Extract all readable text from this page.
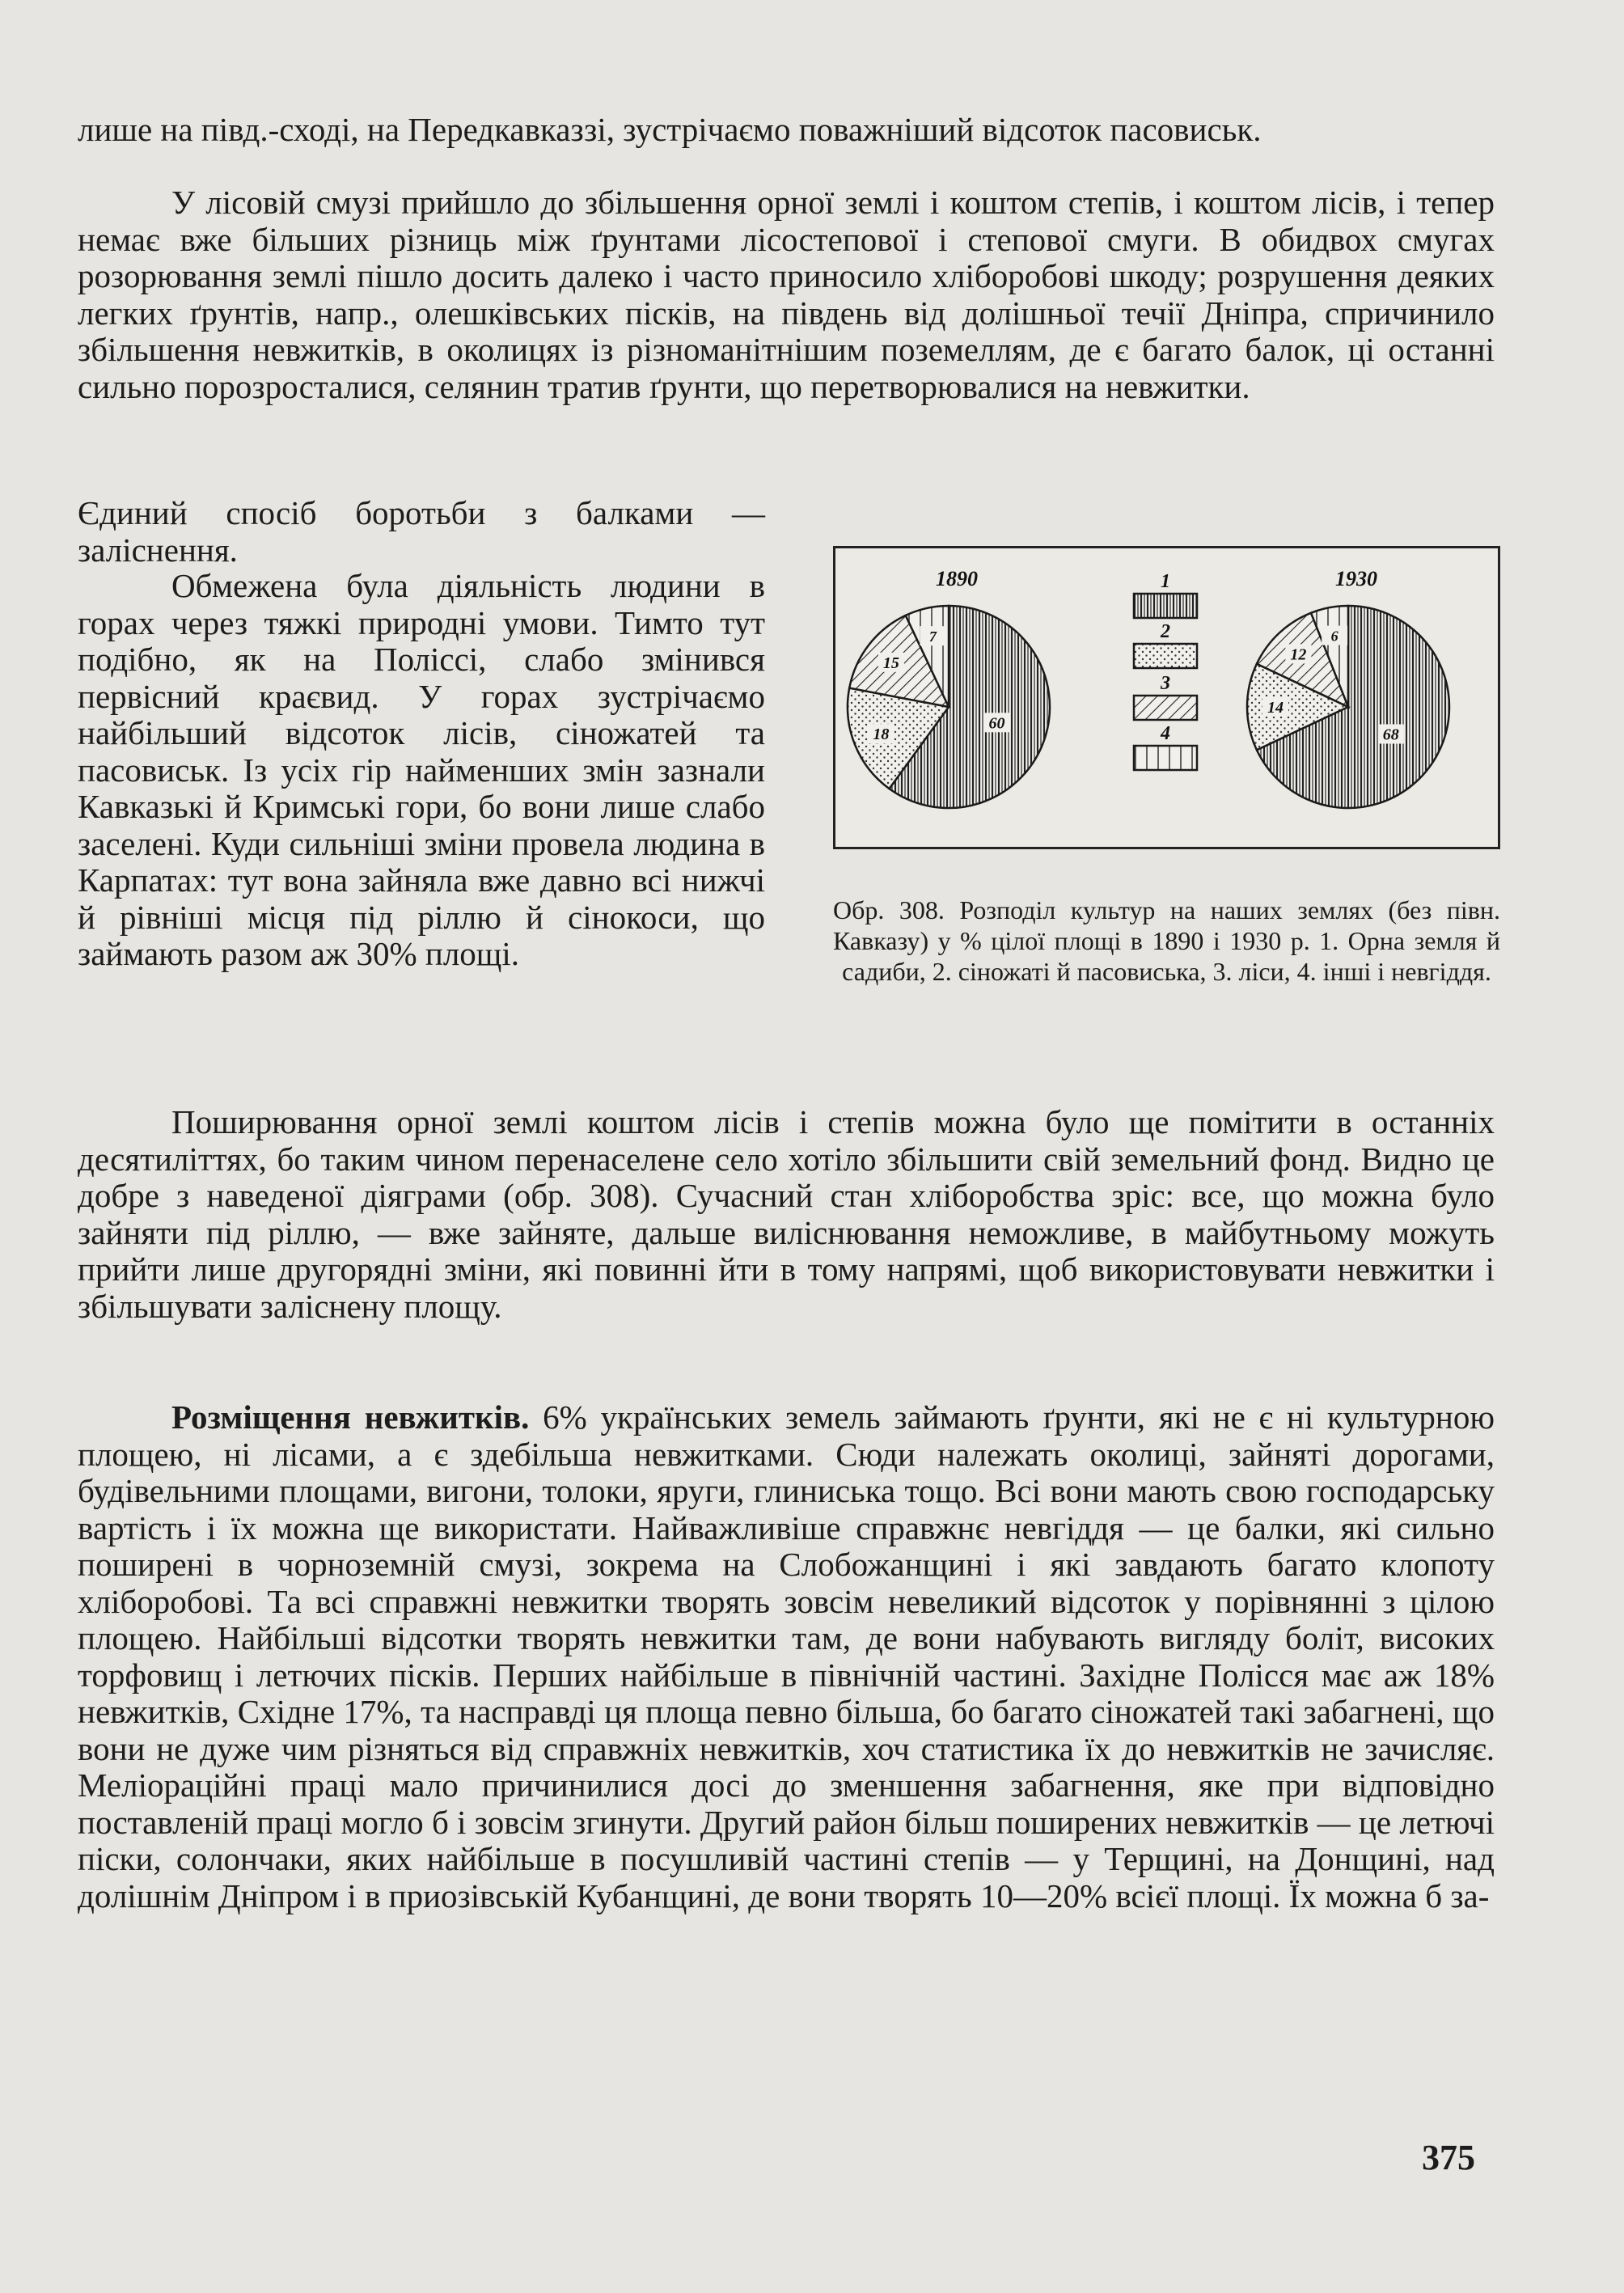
лише на півд.-сході, на Передкавказзі, зустрічаємо поважніший відсоток пасовиськ.

У лісовій смузі прийшло до збільшення орної землі і коштом степів, і коштом лісів, і тепер немає вже більших різниць між ґрунтами лісостепової і степової смуги. В обидвох смугах розорювання землі пішло досить далеко і часто приносило хліборобові шкоду; розрушення деяких легких ґрунтів, напр., олешківських пісків, на південь від долішньої течії Дніпра, спричинило збільшення невжитків, в околицях із різноманітнішим поземеллям, де є багато балок, ці останні сильно порозросталися, селянин тратив ґрунти, що перетворювалися на невжитки.

Єдиний спосіб боротьби з балками — заліснення.

Обмежена була діяльність людини в горах через тяжкі природні умови. Тимто тут подібно, як на Поліссі, слабо змінився первісний краєвид. У горах зустрічаємо найбільший відсоток лісів, сіножатей та пасовиськ. Із усіх гір найменших змін зазнали Кавказькі й Кримські гори, бо вони лише слабо заселені. Куди сильніші зміни провела людина в Карпатах: тут вона зайняла вже давно всі нижчі й рівніші місця під ріллю й сінокоси, що займають разом аж 30% площі.

60
18
15
7
1890
68
14
12
6
1930
1
2
3
4
Обр. 308. Розподіл культур на наших землях (без півн. Кавказу) у % цілої площі в 1890 і 1930 р. 1. Орна земля й садиби, 2. сіножаті й пасовиська, 3. ліси, 4. інші і невгіддя.

Поширювання орної землі коштом лісів і степів можна було ще помітити в останніх десятиліттях, бо таким чином перенаселене село хотіло збільшити свій земельний фонд. Видно це добре з наведеної діяграми (обр. 308). Сучасний стан хліборобства зріс: все, що можна було зайняти під ріллю, — вже зайняте, дальше виліснювання неможливе, в майбутньому можуть прийти лише другорядні зміни, які повинні йти в тому напрямі, щоб використовувати невжитки і збільшувати заліснену площу.

Розміщення невжитків. 6% українських земель займають ґрунти, які не є ні культурною площею, ні лісами, а є здебільша невжитками. Сюди належать околиці, зайняті дорогами, будівельними площами, вигони, толоки, яруги, глиниська тощо. Всі вони мають свою господарську вартість і їх можна ще використати. Найважливіше справжнє невгіддя — це балки, які сильно поширені в чорноземній смузі, зокрема на Слобожанщині і які завдають багато клопоту хліборобові. Та всі справжні невжитки творять зовсім невеликий відсоток у порівнянні з цілою площею. Найбільші відсотки творять невжитки там, де вони набувають вигляду боліт, високих торфовищ і летючих пісків. Перших найбільше в північній частині. Західне Полісся має аж 18% невжитків, Східне 17%, та насправді ця площа певно більша, бо багато сіножатей такі забагнені, що вони не дуже чим різняться від справжніх невжитків, хоч статистика їх до невжитків не зачисляє. Меліораційні праці мало причинилися досі до зменшення забагнення, яке при відповідно поставленій праці могло б і зовсім згинути. Другий район більш поширених невжитків — це летючі піски, солончаки, яких найбільше в посушливій частині степів — у Терщині, на Донщині, над долішнім Дніпром і в приозівській Кубанщині, де вони творять 10—20% всієї площі. Їх можна б за-

375
